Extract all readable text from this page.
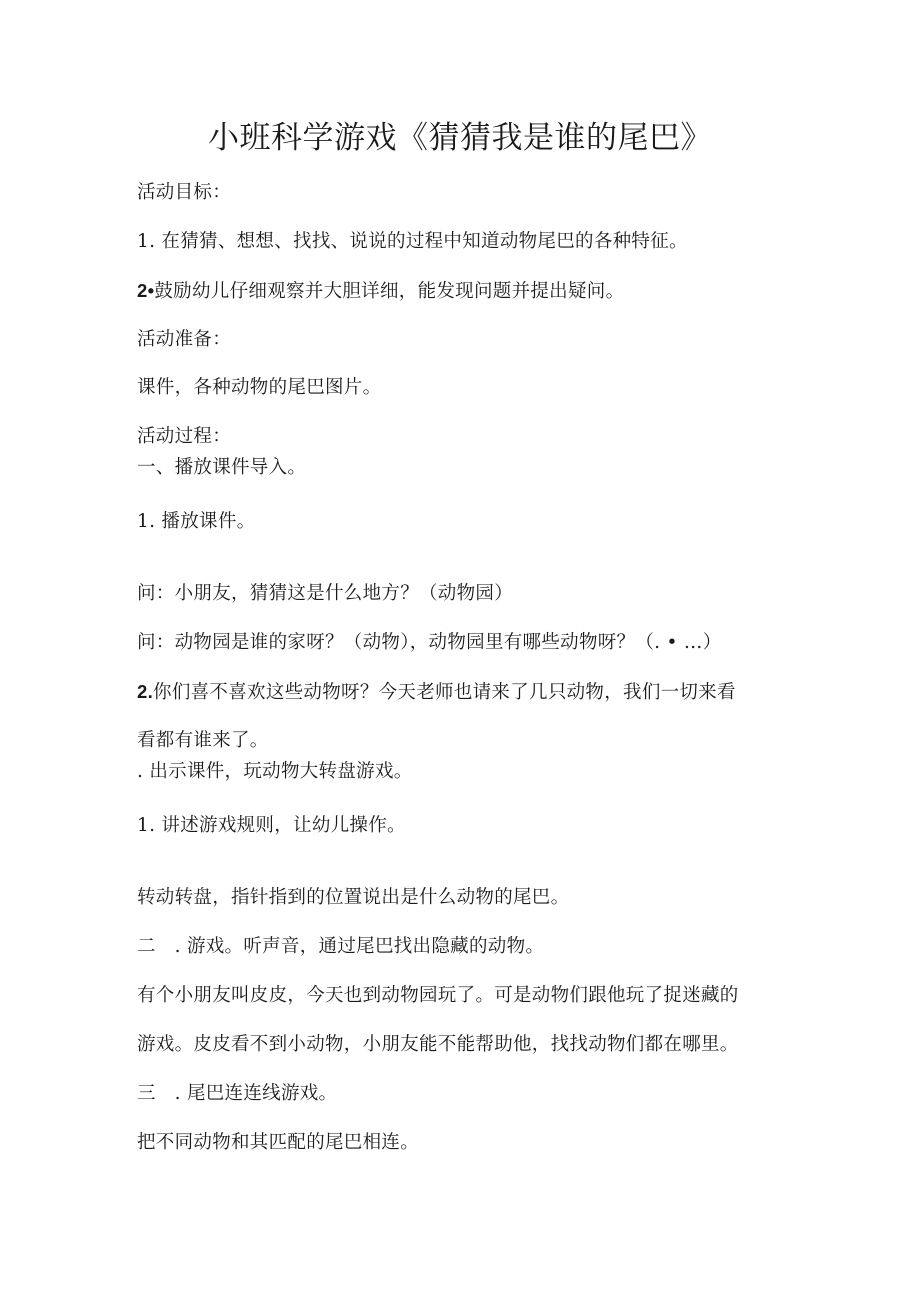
小班科学游戏《猜猜我是谁的尾巴》
活动目标：
1. 在猜猜、想想、找找、说说的过程中知道动物尾巴的各种特征。
2•鼓励幼儿仔细观察并大胆详细，能发现问题并提出疑问。
活动准备：
课件，各种动物的尾巴图片。
活动过程：
一、播放课件导入。
1. 播放课件。
问：小朋友，猜猜这是什么地方？（动物园）
问：动物园是谁的家呀？（动物），动物园里有哪些动物呀？（. • …）
2.你们喜不喜欢这些动物呀？今天老师也请来了几只动物，我们一切来看
看都有谁来了。
. 出示课件，玩动物大转盘游戏。
1. 讲述游戏规则，让幼儿操作。
转动转盘，指针指到的位置说出是什么动物的尾巴。
二　. 游戏。听声音，通过尾巴找出隐藏的动物。
有个小朋友叫皮皮，今天也到动物园玩了。可是动物们跟他玩了捉迷藏的
游戏。皮皮看不到小动物，小朋友能不能帮助他，找找动物们都在哪里。
三　. 尾巴连连线游戏。
把不同动物和其匹配的尾巴相连。
